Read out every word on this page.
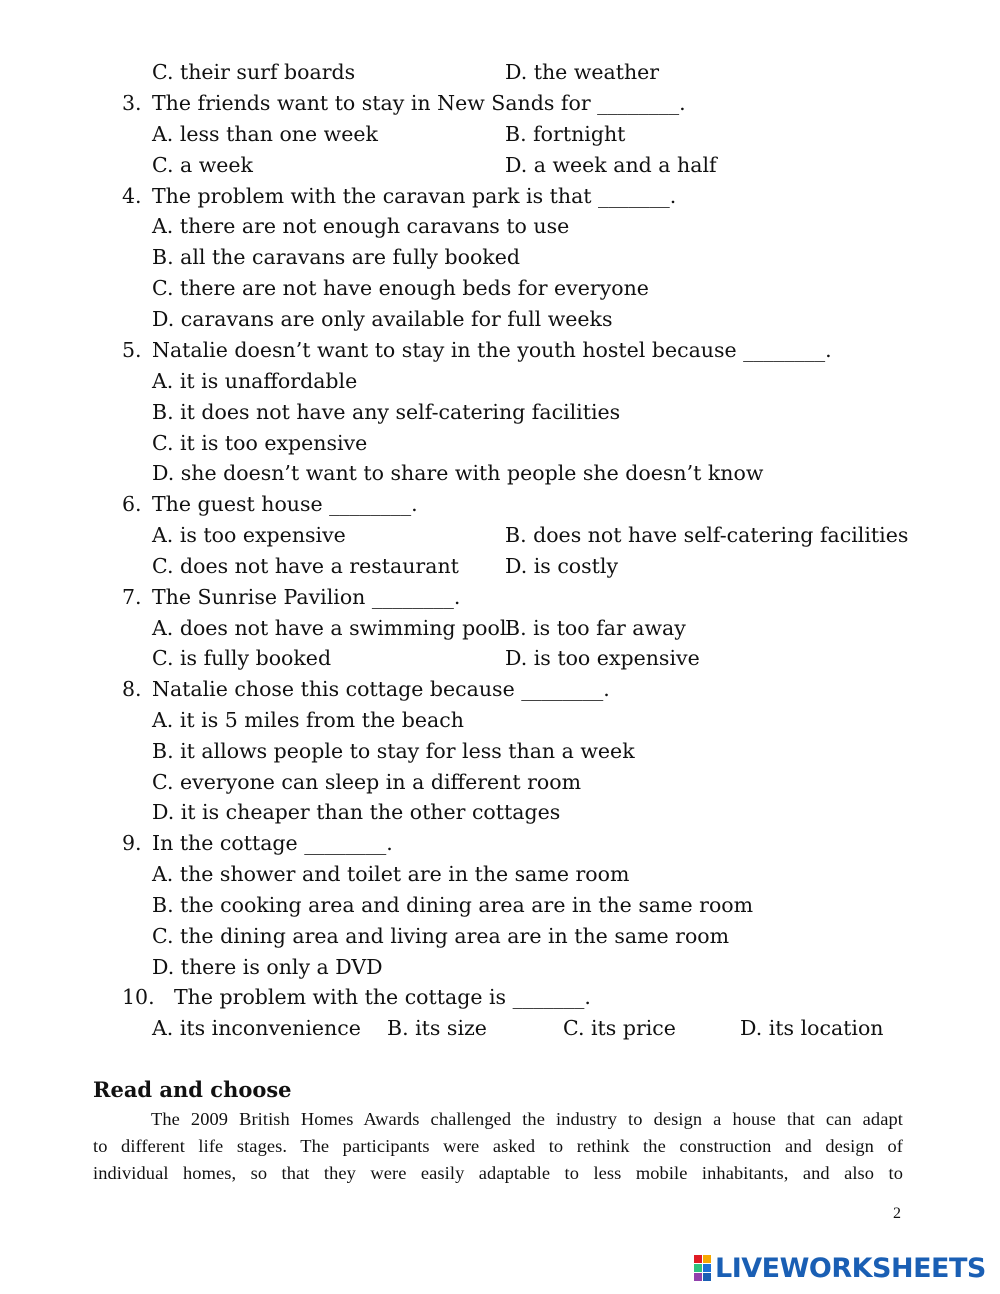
C. their surf boards	D. the weather
3. The friends want to stay in New Sands for ________.
A. less than one week	B. fortnight
C. a week	D. a week and a half
4. The problem with the caravan park is that _______.
A. there are not enough caravans to use
B. all the caravans are fully booked
C. there are not have enough beds for everyone
D. caravans are only available for full weeks
5. Natalie doesn’t want to stay in the youth hostel because ________.
A. it is unaffordable
B. it does not have any self-catering facilities
C. it is too expensive
D. she doesn’t want to share with people she doesn’t know
6. The guest house ________.
A. is too expensive	B. does not have self-catering facilities
C. does not have a restaurant D. is costly
7. The Sunrise Pavilion ________.
A. does not have a swimming pool
B. is too far away
C. is fully booked	D. is too expensive
8. Natalie chose this cottage because ________.
A. it is 5 miles from the beach
B. it allows people to stay for less than a week
C. everyone can sleep in a different room
D. it is cheaper than the other cottages
9. In the cottage ________.
A. the shower and toilet are in the same room
B. the cooking area and dining area are in the same room
C. the dining area and living area are in the same room
D. there is only a DVD
10. The problem with the cottage is _______.
A. its inconvenience B. its size	C. its price	D. its location
Read and choose
The 2009 British Homes Awards challenged the industry to design a house that can adapt
to different life stages. The participants were asked to rethink the construction and design of
individual homes, so that they were easily adaptable to less mobile inhabitants, and also to
2
LIVEWORKSHEETS
